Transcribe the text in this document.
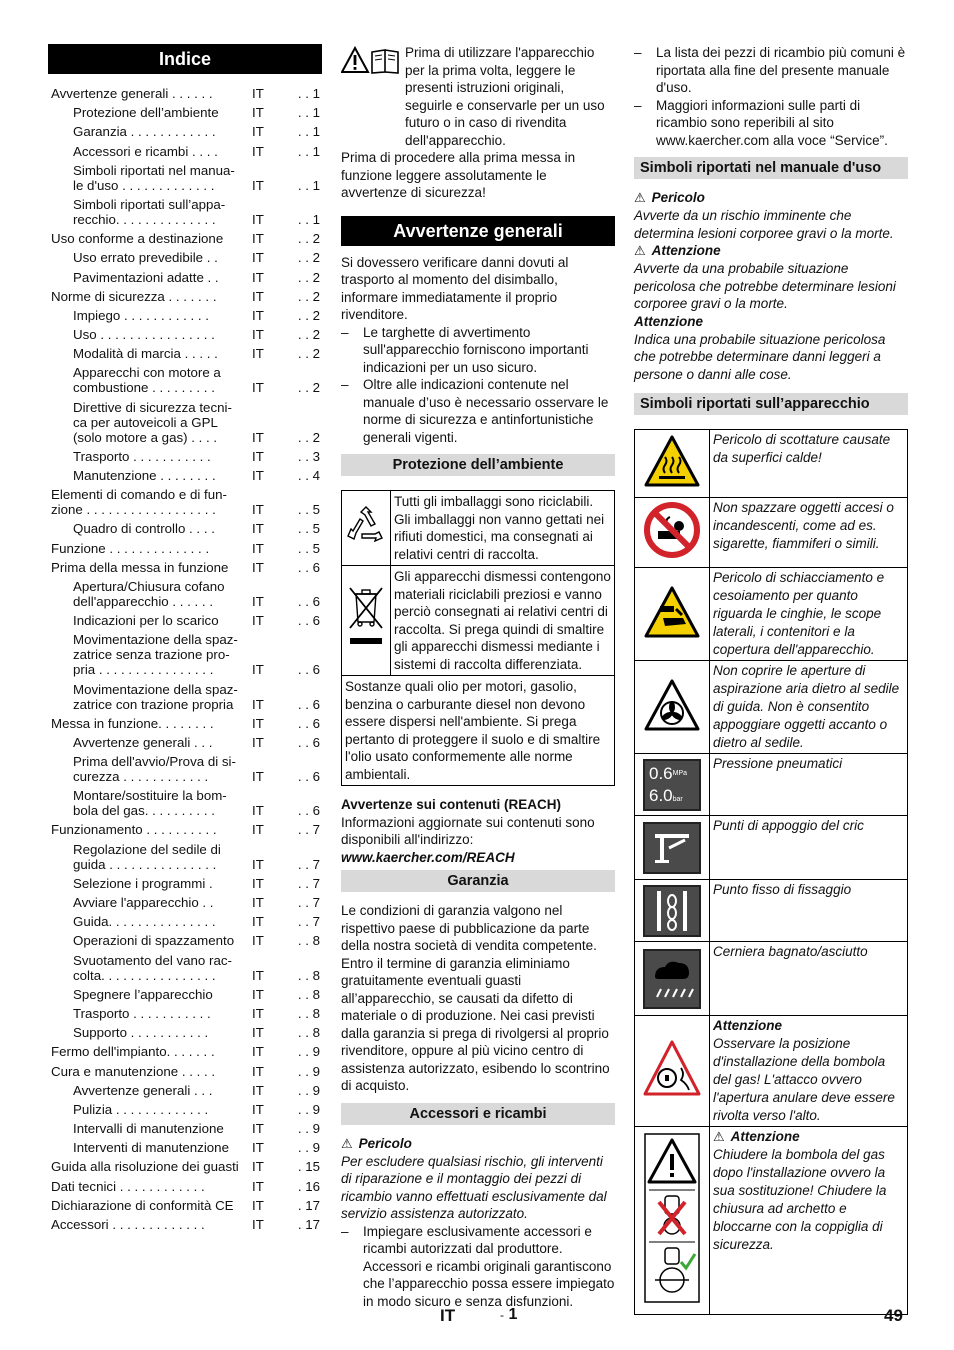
Indice
Avvertenze generali . . . . . .	IT	. . 1
Protezione dell’ambiente	IT	. . 1
Garanzia . . . . . . . . . . . .	IT	. . 1
Accessori e ricambi . . . .	IT	. . 1
Simboli riportati nel manua-
le d'uso . . . . . . . . . . . . .	IT	. . 1
Simboli riportati sull’appa-
recchio. . . . . . . . . . . . . .	IT	. . 1
Uso conforme a destinazione	IT	. . 2
Uso errato prevedibile . .	IT	. . 2
Pavimentazioni adatte . .	IT	. . 2
Norme di sicurezza . . . . . . .	IT	. . 2
Impiego . . . . . . . . . . . .	IT	. . 2
Uso . . . . . . . . . . . . . . . .	IT	. . 2
Modalità di marcia . . . . .	IT	. . 2
Apparecchi con motore a
combustione . . . . . . . . .	IT	. . 2
Direttive di sicurezza tecni-
ca per autoveicoli a GPL
(solo motore a gas) . . . .	IT	. . 2
Trasporto . . . . . . . . . . .	IT	. . 3
Manutenzione . . . . . . . .	IT	. . 4
Elementi di comando e di fun-
zione . . . . . . . . . . . . . . . . . .	IT	. . 5
Quadro di controllo . . . .	IT	. . 5
Funzione . . . . . . . . . . . . . .	IT	. . 5
Prima della messa in funzione	IT	. . 6
Apertura/Chiusura cofano
dell'apparecchio . . . . . .	IT	. . 6
Indicazioni per lo scarico	IT	. . 6
Movimentazione della spaz-
zatrice senza trazione pro-
pria . . . . . . . . . . . . . . . .	IT	. . 6
Movimentazione della spaz-
zatrice con trazione propria	IT	. . 6
Messa in funzione. . . . . . . .	IT	. . 6
Avvertenze generali . . .	IT	. . 6
Prima dell'avvio/Prova di si-
curezza . . . . . . . . . . . .	IT	. . 6
Montare/sostituire la bom-
bola del gas. . . . . . . . . .	IT	. . 6
Funzionamento . . . . . . . . . .	IT	. . 7
Regolazione del sedile di
guida . . . . . . . . . . . . . . .	IT	. . 7
Selezione i programmi .	IT	. . 7
Avviare l'apparecchio . .	IT	. . 7
Guida. . . . . . . . . . . . . . .	IT	. . 7
Operazioni di spazzamento	IT	. . 8
Svuotamento del vano rac-
colta. . . . . . . . . . . . . . . .	IT	. . 8
Spegnere l’apparecchio	IT	. . 8
Trasporto . . . . . . . . . . .	IT	. . 8
Supporto . . . . . . . . . . .	IT	. . 8
Fermo dell'impianto. . . . . . .	IT	. . 9
Cura e manutenzione . . . . .	IT	. . 9
Avvertenze generali . . .	IT	. . 9
Pulizia . . . . . . . . . . . . .	IT	. . 9
Intervalli di manutenzione	IT	. . 9
Interventi di manutenzione	IT	. . 9
Guida alla risoluzione dei guasti IT	. 15
Dati tecnici . . . . . . . . . . . .	IT	. 16
Dichiarazione di conformità CE	IT	. 17
Accessori . . . . . . . . . . . . .	IT	. 17

Prima di utilizzare l'apparecchio per la prima volta, leggere le presenti istruzioni originali, seguirle e conservarle per un uso futuro o in caso di rivendita dell'apparecchio.

Prima di procedere alla prima messa in funzione leggere assolutamente le avvertenze di sicurezza!

Avvertenze generali

Si dovessero verificare danni dovuti al trasporto al momento del disimballo, informare immediatamente il proprio rivenditore.

–	Le targhette di avvertimento sull'apparecchio forniscono importanti indicazioni per un uso sicuro.
–	Oltre alle indicazioni contenute nel manuale d’uso è necessario osservare le norme di sicurezza e antinfortunistiche generali vigenti.
Protezione dell’ambiente
	Tutti gli imballaggi sono riciclabili. Gli imballaggi non vanno gettati nei rifiuti domestici, ma consegnati ai relativi centri di raccolta.
	Gli apparecchi dismessi contengono materiali riciclabili preziosi e vanno perciò consegnati ai relativi centri di raccolta. Si prega quindi di smaltire gli apparecchi dismessi mediante i sistemi di raccolta differenziata.
Sostanze quali olio per motori, gasolio, benzina o carburante diesel non devono essere dispersi nell'ambiente. Si prega pertanto di proteggere il suolo e di smaltire l'olio usato conformemente alle norme ambientali.	
Avvertenze sui contenuti (REACH)

Informazioni aggiornate sui contenuti sono disponibili all'indirizzo:

www.kaercher.com/REACH

Garanzia

Le condizioni di garanzia valgono nel rispettivo paese di pubblicazione da parte della nostra società di vendita competente. Entro il termine di garanzia eliminiamo gratuitamente eventuali guasti all’apparecchio, se causati da difetto di materiale o di produzione. Nei casi previsti dalla garanzia si prega di rivolgersi al proprio rivenditore, oppure al più vicino centro di assistenza autorizzato, esibendo lo scontrino di acquisto.

Accessori e ricambi
⚠ Pericolo

Per escludere qualsiasi rischio, gli interventi di riparazione e il montaggio dei pezzi di ricambio vanno effettuati esclusivamente dal servizio assistenza autorizzato.

–	Impiegare esclusivamente accessori e ricambi autorizzati dal produttore. Accessori e ricambi originali garantiscono che l’apparecchio possa essere impiegato in modo sicuro e senza disfunzioni.
–	La lista dei pezzi di ricambio più comuni è riportata alla fine del presente manuale d'uso.
–	Maggiori informazioni sulle parti di ricambio sono reperibili al sito www.kaercher.com alla voce “Service”.
Simboli riportati nel manuale d'uso
⚠ Pericolo

Avverte da un rischio imminente che determina lesioni corporee gravi o la morte.

⚠ Attenzione

Avverte da una probabile situazione pericolosa che potrebbe determinare lesioni corporee gravi o la morte.

Attenzione

Indica una probabile situazione pericolosa che potrebbe determinare danni leggeri a persone o danni alle cose.

Simboli riportati sull’apparecchio
	Pericolo di scottature causate da superfici calde!
	Non spazzare oggetti accesi o incandescenti, come ad es. sigarette, fiammiferi o simili.
	Pericolo di schiacciamento e cesoiamento per quanto riguarda le cinghie, le scope laterali, i contenitori e la copertura dell'apparecchio.
	Non coprire le aperture di aspirazione aria dietro al sedile di guida. Non è consentito appoggiare oggetti accanto o dietro al sedile.

$0.6^{MPa}$
6.0bar	Pressione pneumatici

	Punti di appoggio del cric

	Punto fisso di fissaggio

	Cerniera bagnato/asciutto

Attenzione
Osservare la posizione d'installazione della bombola del gas! L'attacco ovvero l'apertura anulare deve essere rivolta verso l'alto.

⚠ Attenzione
Chiudere la bombola del gas dopo l'installazione ovvero la sua sostituzione! Chiudere la chiusura ad archetto e bloccarne con la coppiglia di sicurezza.
IT	- 1	49
